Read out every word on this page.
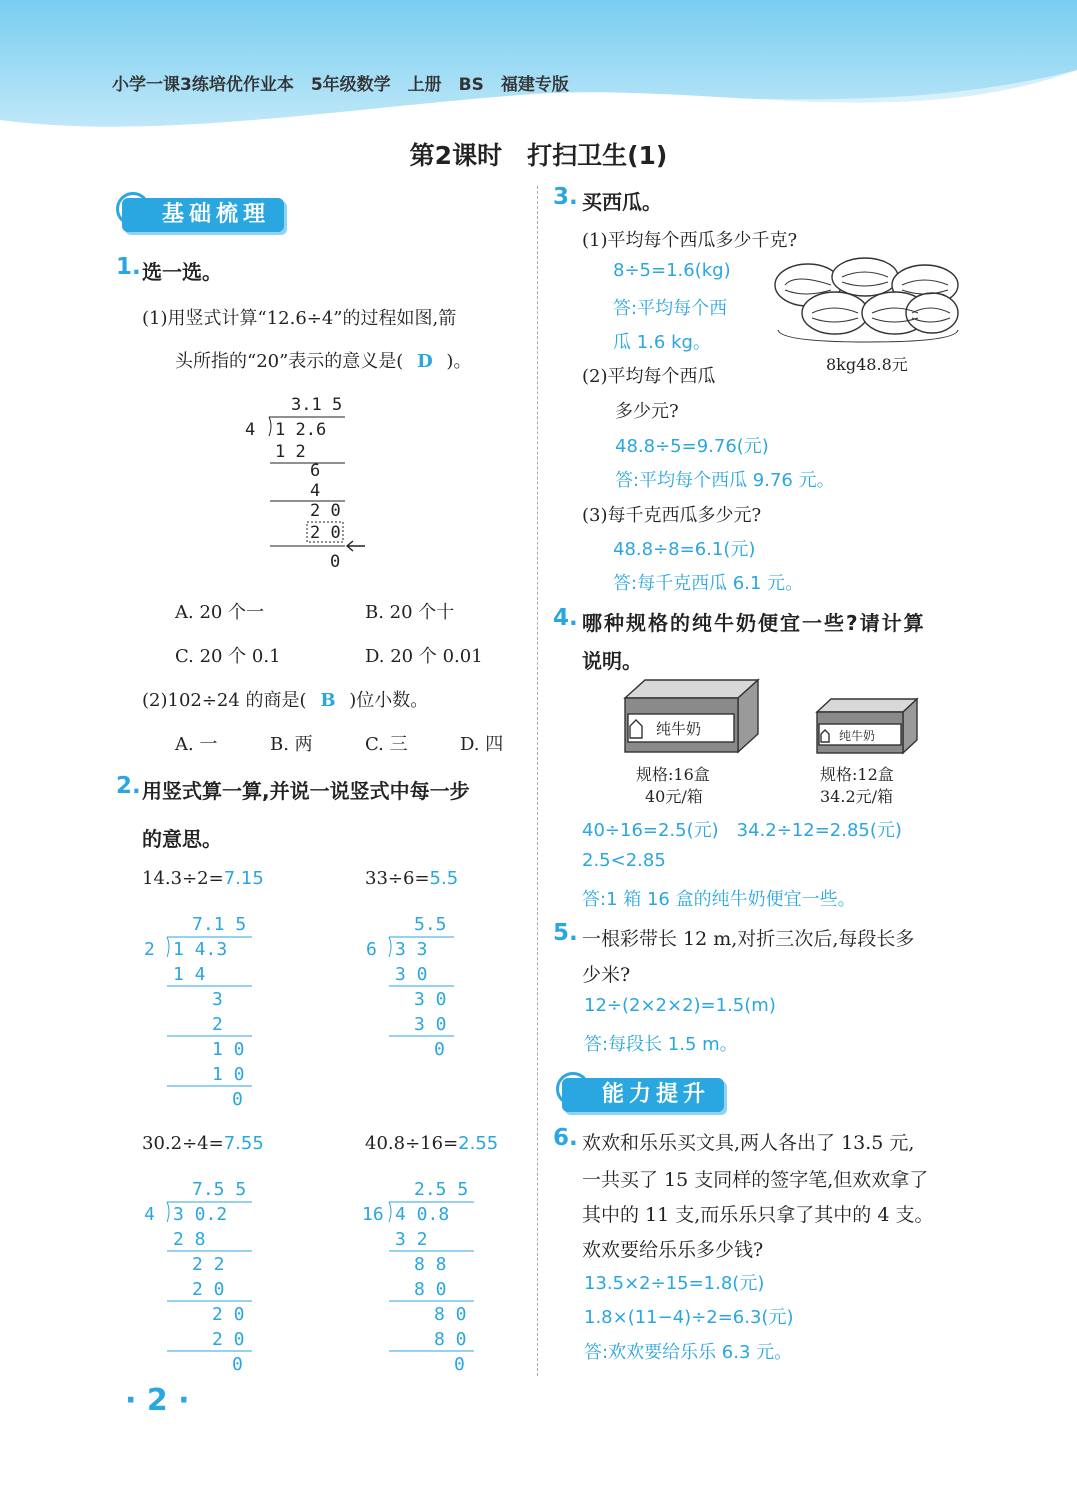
小学一课3练培优作业本　5年级数学　上册　BS　福建专版
第2课时　打扫卫生(1)
基础梳理
1. 选一选。
(1)用竖式计算“12.6÷4”的过程如图,箭
头所指的“20”表示的意义是( D )。
3.1 5
4 1 2.6
1 2
6
4
2 0
2 0
0
A. 20 个一	B. 20 个十
C. 20 个 0.1	D. 20 个 0.01
(2)102÷24 的商是( B )位小数。
A. 一	B. 两	C. 三	D. 四
2. 用竖式算一算,并说一说竖式中每一步
的意思。
14.3÷2=7.15
7.1 5
2 1 4.3
1 4
3
2
1 0
1 0
0
33÷6=5.5
5.5
6 3 3
3 0
3 0
3 0
0
30.2÷4=7.55
7.5 5
4 3 0.2
2 8
2 2
2 0
2 0
2 0
0
40.8÷16=2.55
2.5 5
16 4 0.8
3 2
8 8
8 0
8 0
8 0
0
3. 买西瓜。
(1)平均每个西瓜多少千克?
8÷5=1.6(kg)
答:平均每个西
瓜 1.6 kg。
8kg48.8元
(2)平均每个西瓜
多少元?
48.8÷5=9.76(元)
答:平均每个西瓜 9.76 元。
(3)每千克西瓜多少元?
48.8÷8=6.1(元)
答:每千克西瓜 6.1 元。
4. 哪种规格的纯牛奶便宜一些?请计算
说明。
纯牛奶	纯牛奶
规格:16盒
40元/箱
规格:12盒
34.2元/箱
40÷16=2.5(元)　34.2÷12=2.85(元)
2.5<2.85
答:1 箱 16 盒的纯牛奶便宜一些。
5. 一根彩带长 12 m,对折三次后,每段长多
少米?
12÷(2×2×2)=1.5(m)
答:每段长 1.5 m。
能力提升
6. 欢欢和乐乐买文具,两人各出了 13.5 元,
一共买了 15 支同样的签字笔,但欢欢拿了
其中的 11 支,而乐乐只拿了其中的 4 支。
欢欢要给乐乐多少钱?
13.5×2÷15=1.8(元)
1.8×(11−4)÷2=6.3(元)
答:欢欢要给乐乐 6.3 元。
· 2 ·
